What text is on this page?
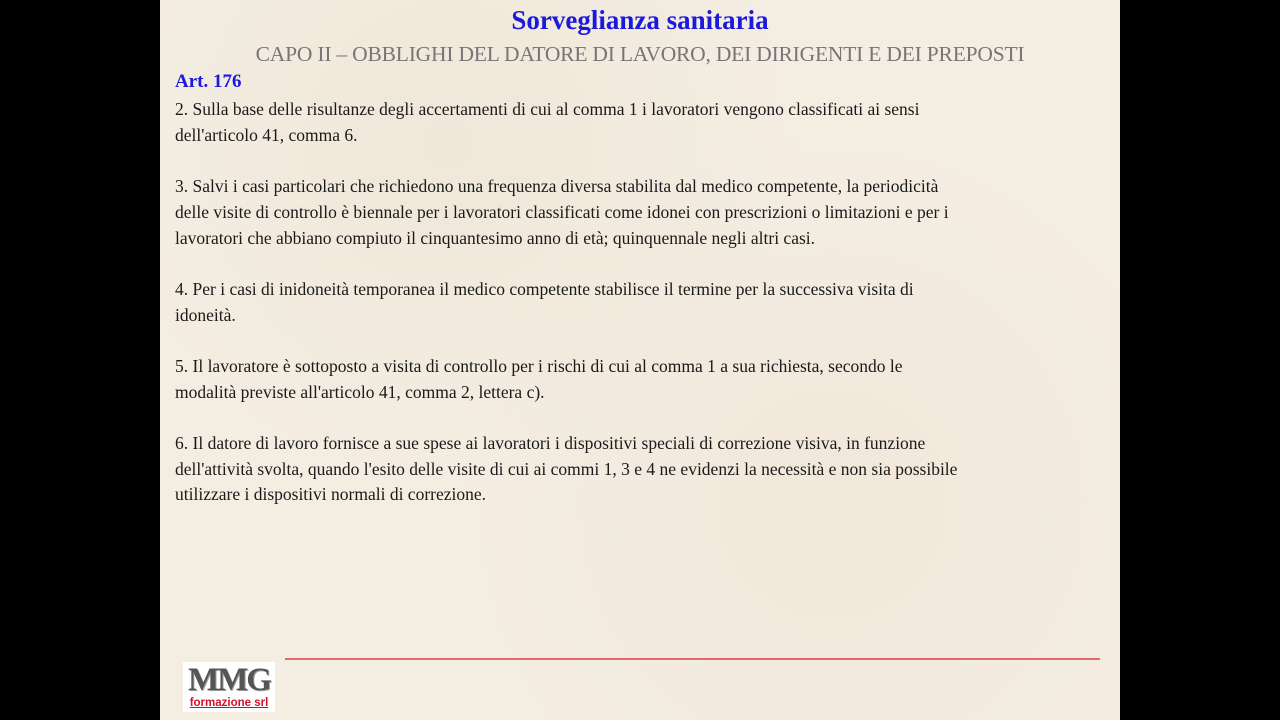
Sorveglianza sanitaria
CAPO II – OBBLIGHI DEL DATORE DI LAVORO, DEI DIRIGENTI E DEI PREPOSTI
Art. 176
2. Sulla base delle risultanze degli accertamenti di cui al comma 1 i lavoratori vengono classificati ai sensi
dell'articolo 41, comma 6.
3. Salvi i casi particolari che richiedono una frequenza diversa stabilita dal medico competente, la periodicità
delle visite di controllo è biennale per i lavoratori classificati come idonei con prescrizioni o limitazioni e per i
lavoratori che abbiano compiuto il cinquantesimo anno di età; quinquennale negli altri casi.
4. Per i casi di inidoneità temporanea il medico competente stabilisce il termine per la successiva visita di
idoneità.
5. Il lavoratore è sottoposto a visita di controllo per i rischi di cui al comma 1 a sua richiesta, secondo le
modalità previste all'articolo 41, comma 2, lettera c).
6. Il datore di lavoro fornisce a sue spese ai lavoratori i dispositivi speciali di correzione visiva, in funzione
dell'attività svolta, quando l'esito delle visite di cui ai commi 1, 3 e 4 ne evidenzi la necessità e non sia possibile
utilizzare i dispositivi normali di correzione.
MMG
formazione srl
